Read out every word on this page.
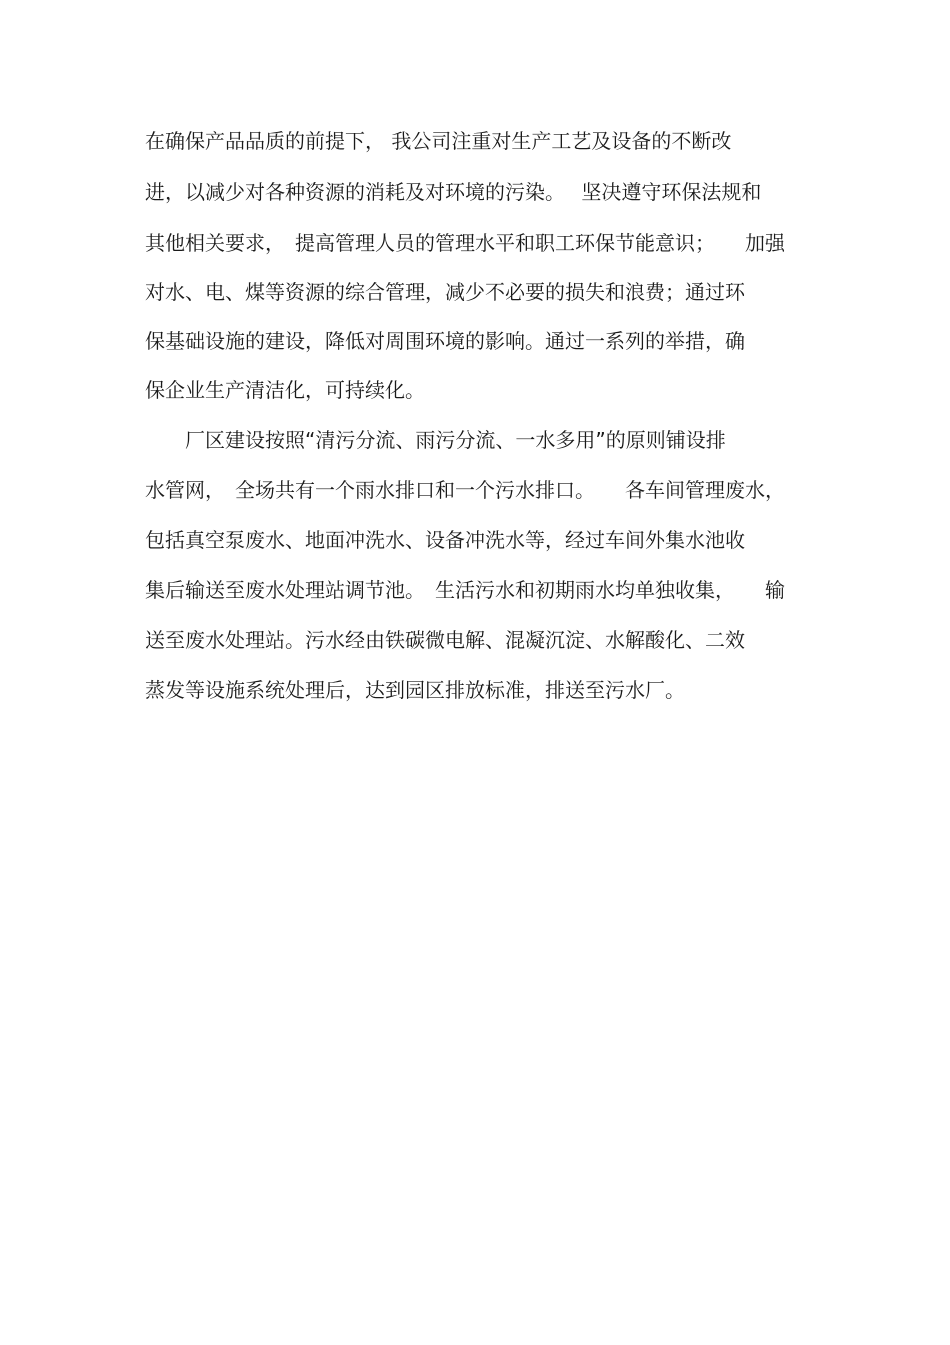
在确保产品品质的前提下， 我公司注重对生产工艺及设备的不断改
进，以减少对各种资源的消耗及对环境的污染。　 坚决遵守环保法规和
其他相关要求，　提高管理人员的管理水平和职工环保节能意识；　　加强
对水、电、煤等资源的综合管理，减少不必要的损失和浪费；通过环
保基础设施的建设，降低对周围环境的影响。通过一系列的举措，确
保企业生产清洁化，可持续化。
　　厂区建设按照“清污分流、雨污分流、一水多用”的原则铺设排
水管网，　全场共有一个雨水排口和一个污水排口。　　各车间管理废水，
包括真空泵废水、地面冲洗水、设备冲洗水等，经过车间外集水池收
集后输送至废水处理站调节池。　生活污水和初期雨水均单独收集，　　输
送至废水处理站。污水经由铁碳微电解、混凝沉淀、水解酸化、二效
蒸发等设施系统处理后，达到园区排放标准，排送至污水厂。
